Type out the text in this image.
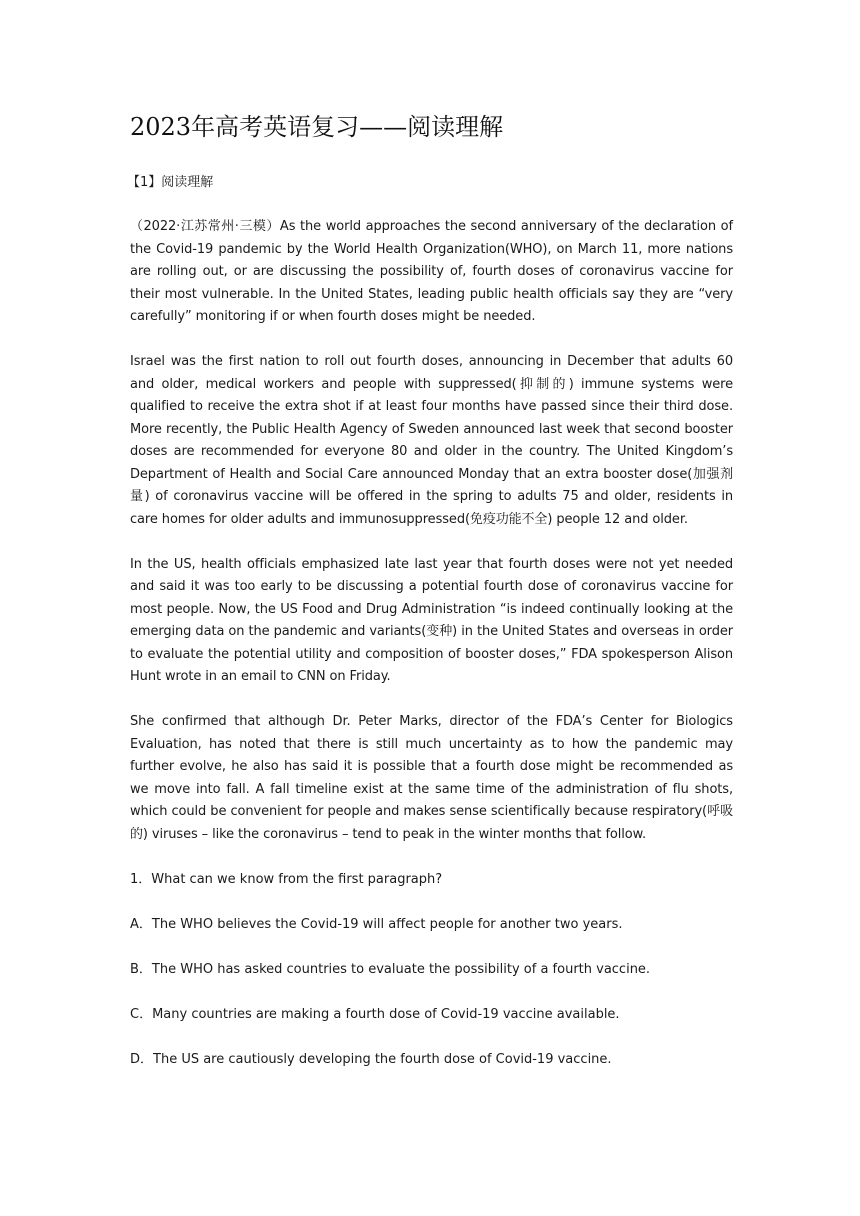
2023年高考英语复习——阅读理解
【1】阅读理解

（2022·江苏常州·三模）As the world approaches the second anniversary of the declaration of the Covid-19 pandemic by the World Health Organization(WHO), on March 11, more nations are rolling out, or are discussing the possibility of, fourth doses of coronavirus vaccine for their most vulnerable. In the United States, leading public health officials say they are “very carefully” monitoring if or when fourth doses might be needed.

Israel was the first nation to roll out fourth doses, announcing in December that adults 60 and older, medical workers and people with suppressed(抑制的) immune systems were qualified to receive the extra shot if at least four months have passed since their third dose. More recently, the Public Health Agency of Sweden announced last week that second booster doses are recommended for everyone 80 and older in the country. The United Kingdom’s Department of Health and Social Care announced Monday that an extra booster dose(加强剂量) of coronavirus vaccine will be offered in the spring to adults 75 and older, residents in care homes for older adults and immunosuppressed(免疫功能不全) people 12 and older.

In the US, health officials emphasized late last year that fourth doses were not yet needed and said it was too early to be discussing a potential fourth dose of coronavirus vaccine for most people. Now, the US Food and Drug Administration “is indeed continually looking at the emerging data on the pandemic and variants(变种) in the United States and overseas in order to evaluate the potential utility and composition of booster doses,” FDA spokesperson Alison Hunt wrote in an email to CNN on Friday.

She confirmed that although Dr. Peter Marks, director of the FDA’s Center for Biologics Evaluation, has noted that there is still much uncertainty as to how the pandemic may further evolve, he also has said it is possible that a fourth dose might be recommended as we move into fall. A fall timeline exist at the same time of the administration of flu shots, which could be convenient for people and makes sense scientifically because respiratory(呼吸的) viruses – like the coronavirus – tend to peak in the winter months that follow.

1．What can we know from the first paragraph?

A．The WHO believes the Covid-19 will affect people for another two years.

B．The WHO has asked countries to evaluate the possibility of a fourth vaccine.

C．Many countries are making a fourth dose of Covid-19 vaccine available.

D．The US are cautiously developing the fourth dose of Covid-19 vaccine.
